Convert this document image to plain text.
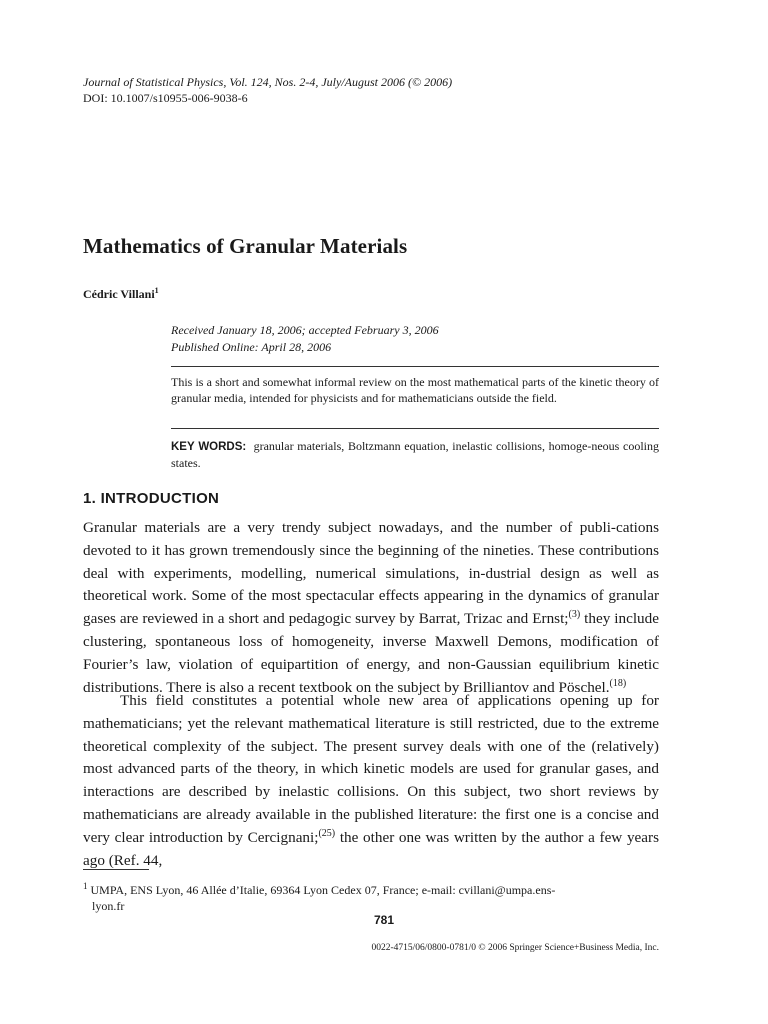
Journal of Statistical Physics, Vol. 124, Nos. 2-4, July/August 2006 (© 2006)
DOI: 10.1007/s10955-006-9038-6
Mathematics of Granular Materials
Cédric Villani$^1$
Received January 18, 2006; accepted February 3, 2006
Published Online: April 28, 2006
This is a short and somewhat informal review on the most mathematical parts of the kinetic theory of granular media, intended for physicists and for mathematicians outside the field.
KEY WORDS: granular materials, Boltzmann equation, inelastic collisions, homoge-neous cooling states.
1. INTRODUCTION
Granular materials are a very trendy subject nowadays, and the number of publi-cations devoted to it has grown tremendously since the beginning of the nineties. These contributions deal with experiments, modelling, numerical simulations, in-dustrial design as well as theoretical work. Some of the most spectacular effects appearing in the dynamics of granular gases are reviewed in a short and pedagogic survey by Barrat, Trizac and Ernst;$^{(3)}$ they include clustering, spontaneous loss of homogeneity, inverse Maxwell Demons, modification of Fourier’s law, violation of equipartition of energy, and non-Gaussian equilibrium kinetic distributions. There is also a recent textbook on the subject by Brilliantov and Pöschel.$^{(18)}$
This field constitutes a potential whole new area of applications opening up for mathematicians; yet the relevant mathematical literature is still restricted, due to the extreme theoretical complexity of the subject. The present survey deals with one of the (relatively) most advanced parts of the theory, in which kinetic models are used for granular gases, and interactions are described by inelastic collisions. On this subject, two short reviews by mathematicians are already available in the published literature: the first one is a concise and very clear introduction by Cercignani;$^{(25)}$ the other one was written by the author a few years ago (Ref. 44,
$^1$ UMPA, ENS Lyon, 46 Allée d’Italie, 69364 Lyon Cedex 07, France; e-mail: cvillani@umpa.ens-
lyon.fr
781
0022-4715/06/0800-0781/0 © 2006 Springer Science+Business Media, Inc.
